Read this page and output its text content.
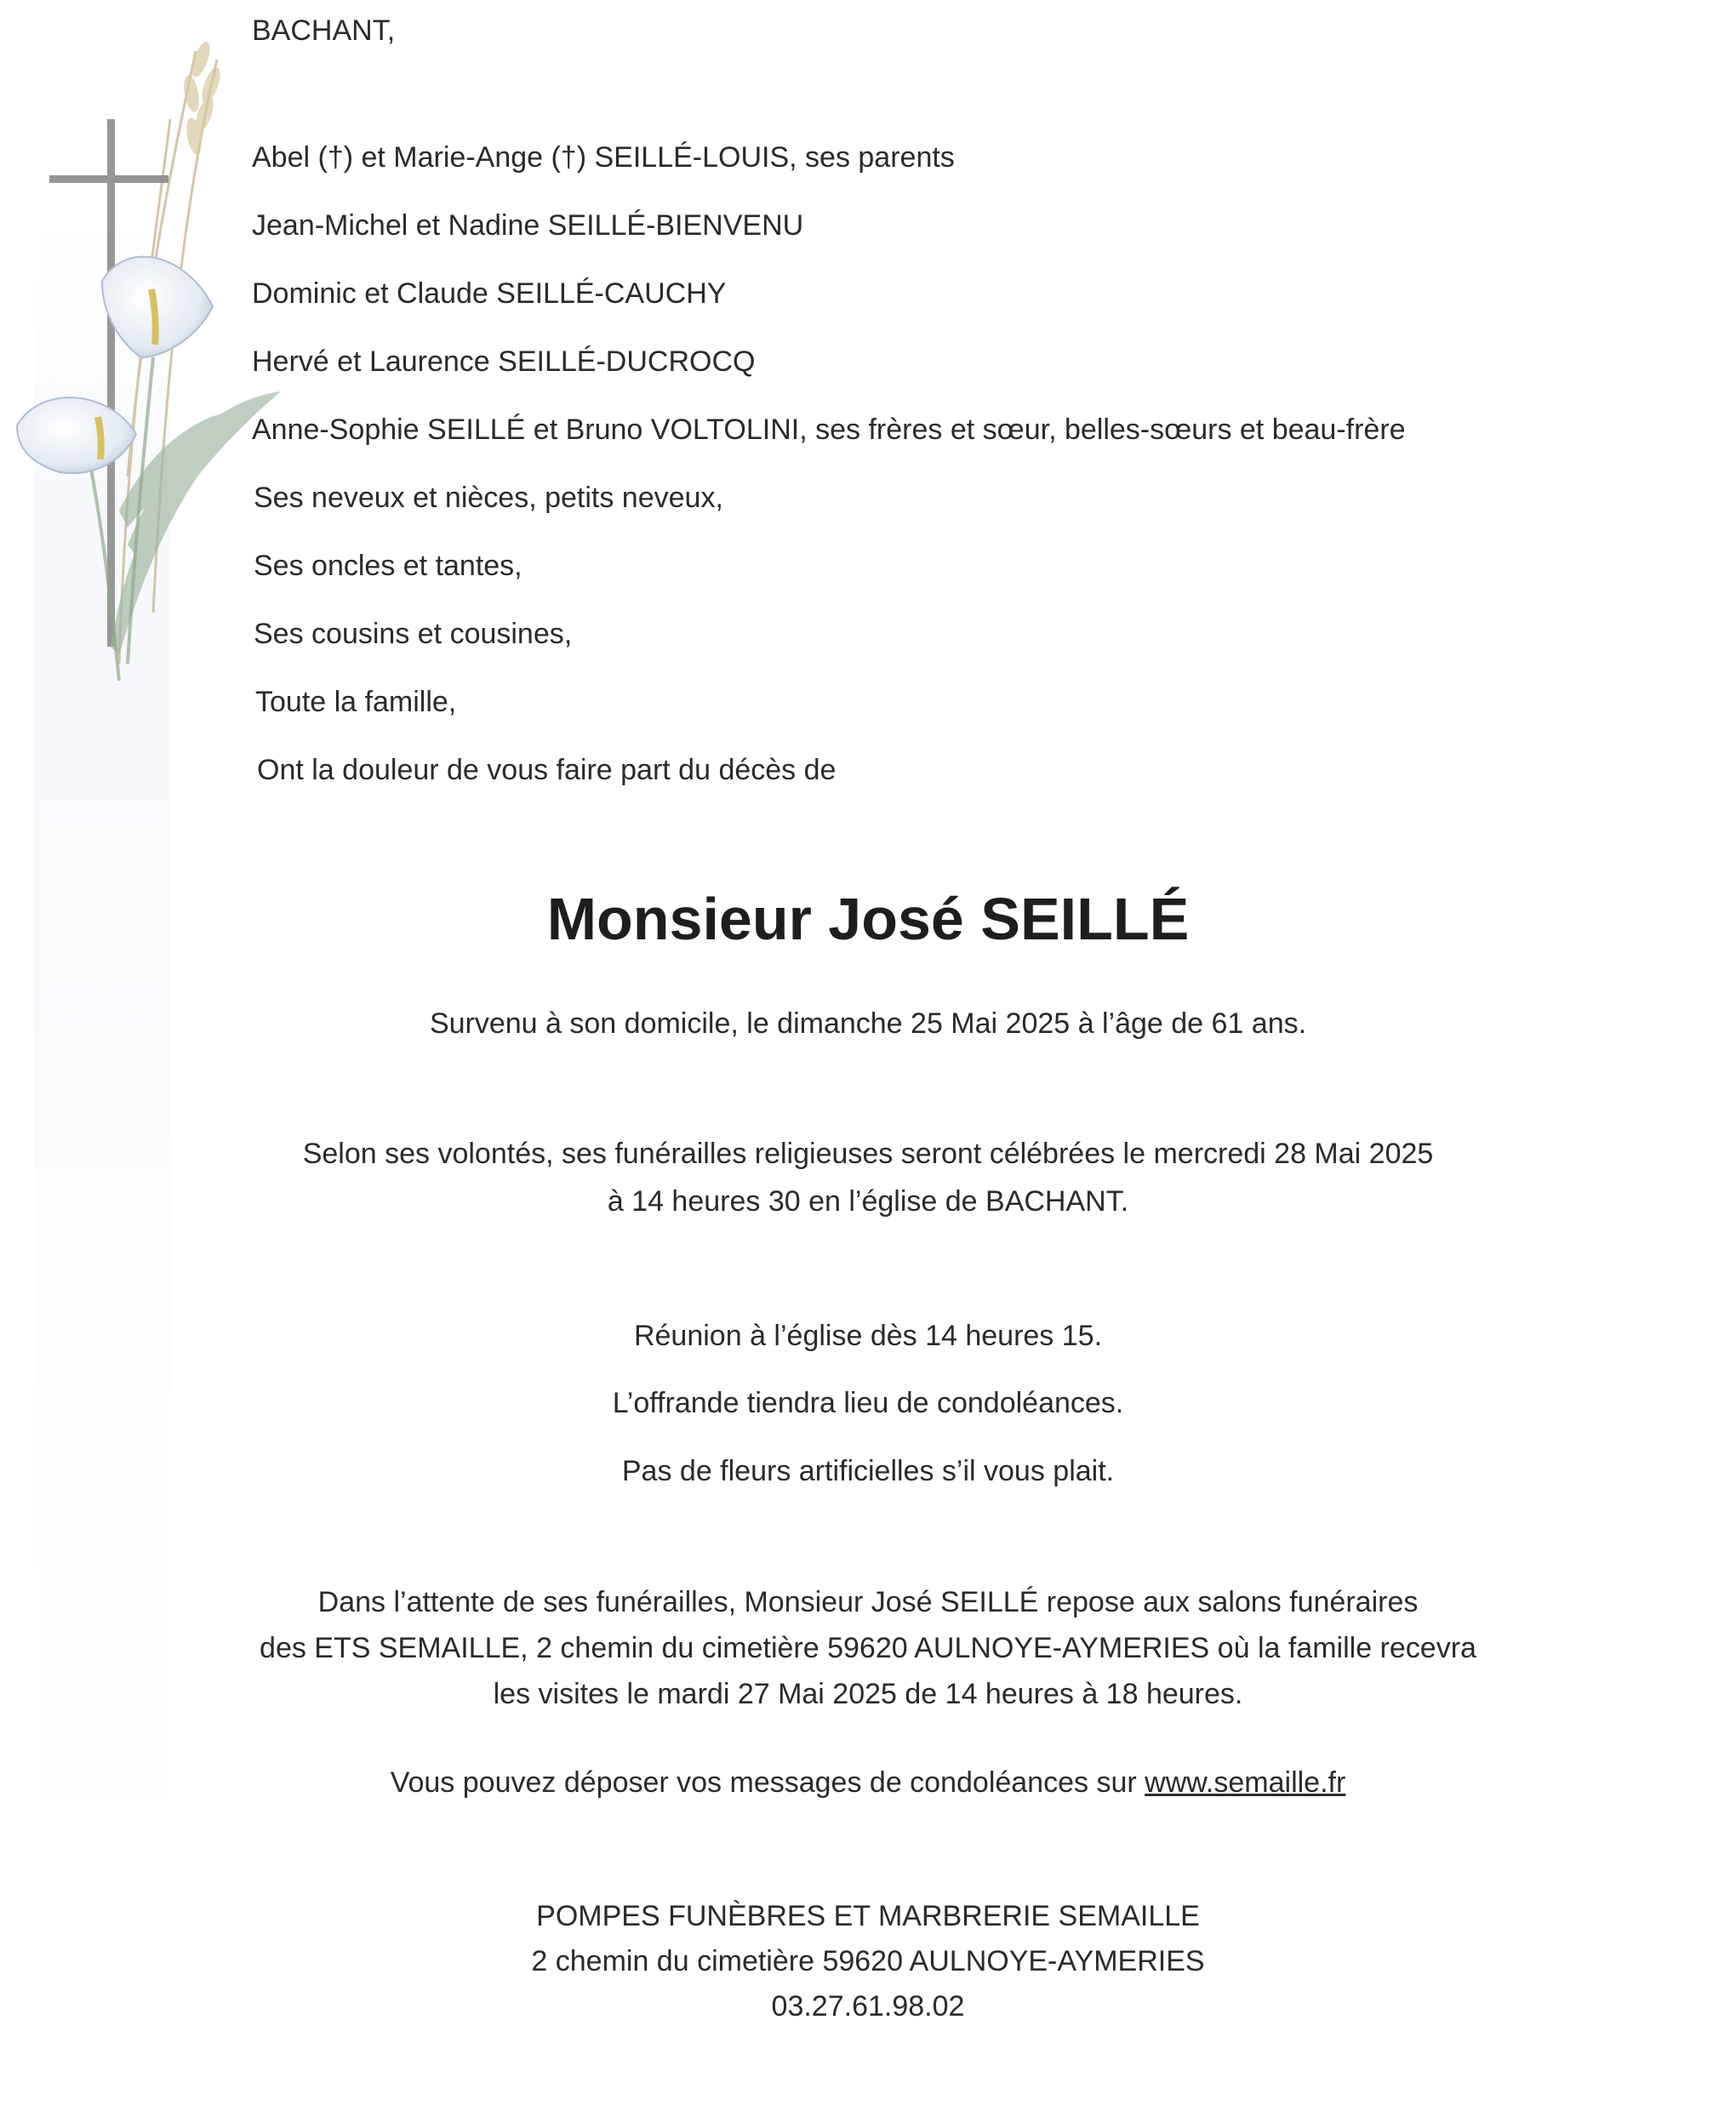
BACHANT,
Abel (†) et Marie-Ange (†) SEILLÉ-LOUIS, ses parents
Jean-Michel et Nadine SEILLÉ-BIENVENU
Dominic et Claude SEILLÉ-CAUCHY
Hervé et Laurence SEILLÉ-DUCROCQ
Anne-Sophie SEILLÉ et Bruno VOLTOLINI, ses frères et sœur, belles-sœurs et beau-frère
Ses neveux et nièces, petits neveux,
Ses oncles et tantes,
Ses cousins et cousines,
Toute la famille,
Ont la douleur de vous faire part du décès de
Monsieur José SEILLÉ
Survenu à son domicile, le dimanche 25 Mai 2025 à l’âge de 61 ans.
Selon ses volontés, ses funérailles religieuses seront célébrées le mercredi 28 Mai 2025
à 14 heures 30 en l’église de BACHANT.
Réunion à l’église dès 14 heures 15.
L’offrande tiendra lieu de condoléances.
Pas de fleurs artificielles s’il vous plait.
Dans l’attente de ses funérailles, Monsieur José SEILLÉ repose aux salons funéraires
des ETS SEMAILLE, 2 chemin du cimetière 59620 AULNOYE-AYMERIES où la famille recevra
les visites le mardi 27 Mai 2025 de 14 heures à 18 heures.
Vous pouvez déposer vos messages de condoléances sur www.semaille.fr
POMPES FUNÈBRES ET MARBRERIE SEMAILLE
2 chemin du cimetière 59620 AULNOYE-AYMERIES
03.27.61.98.02
